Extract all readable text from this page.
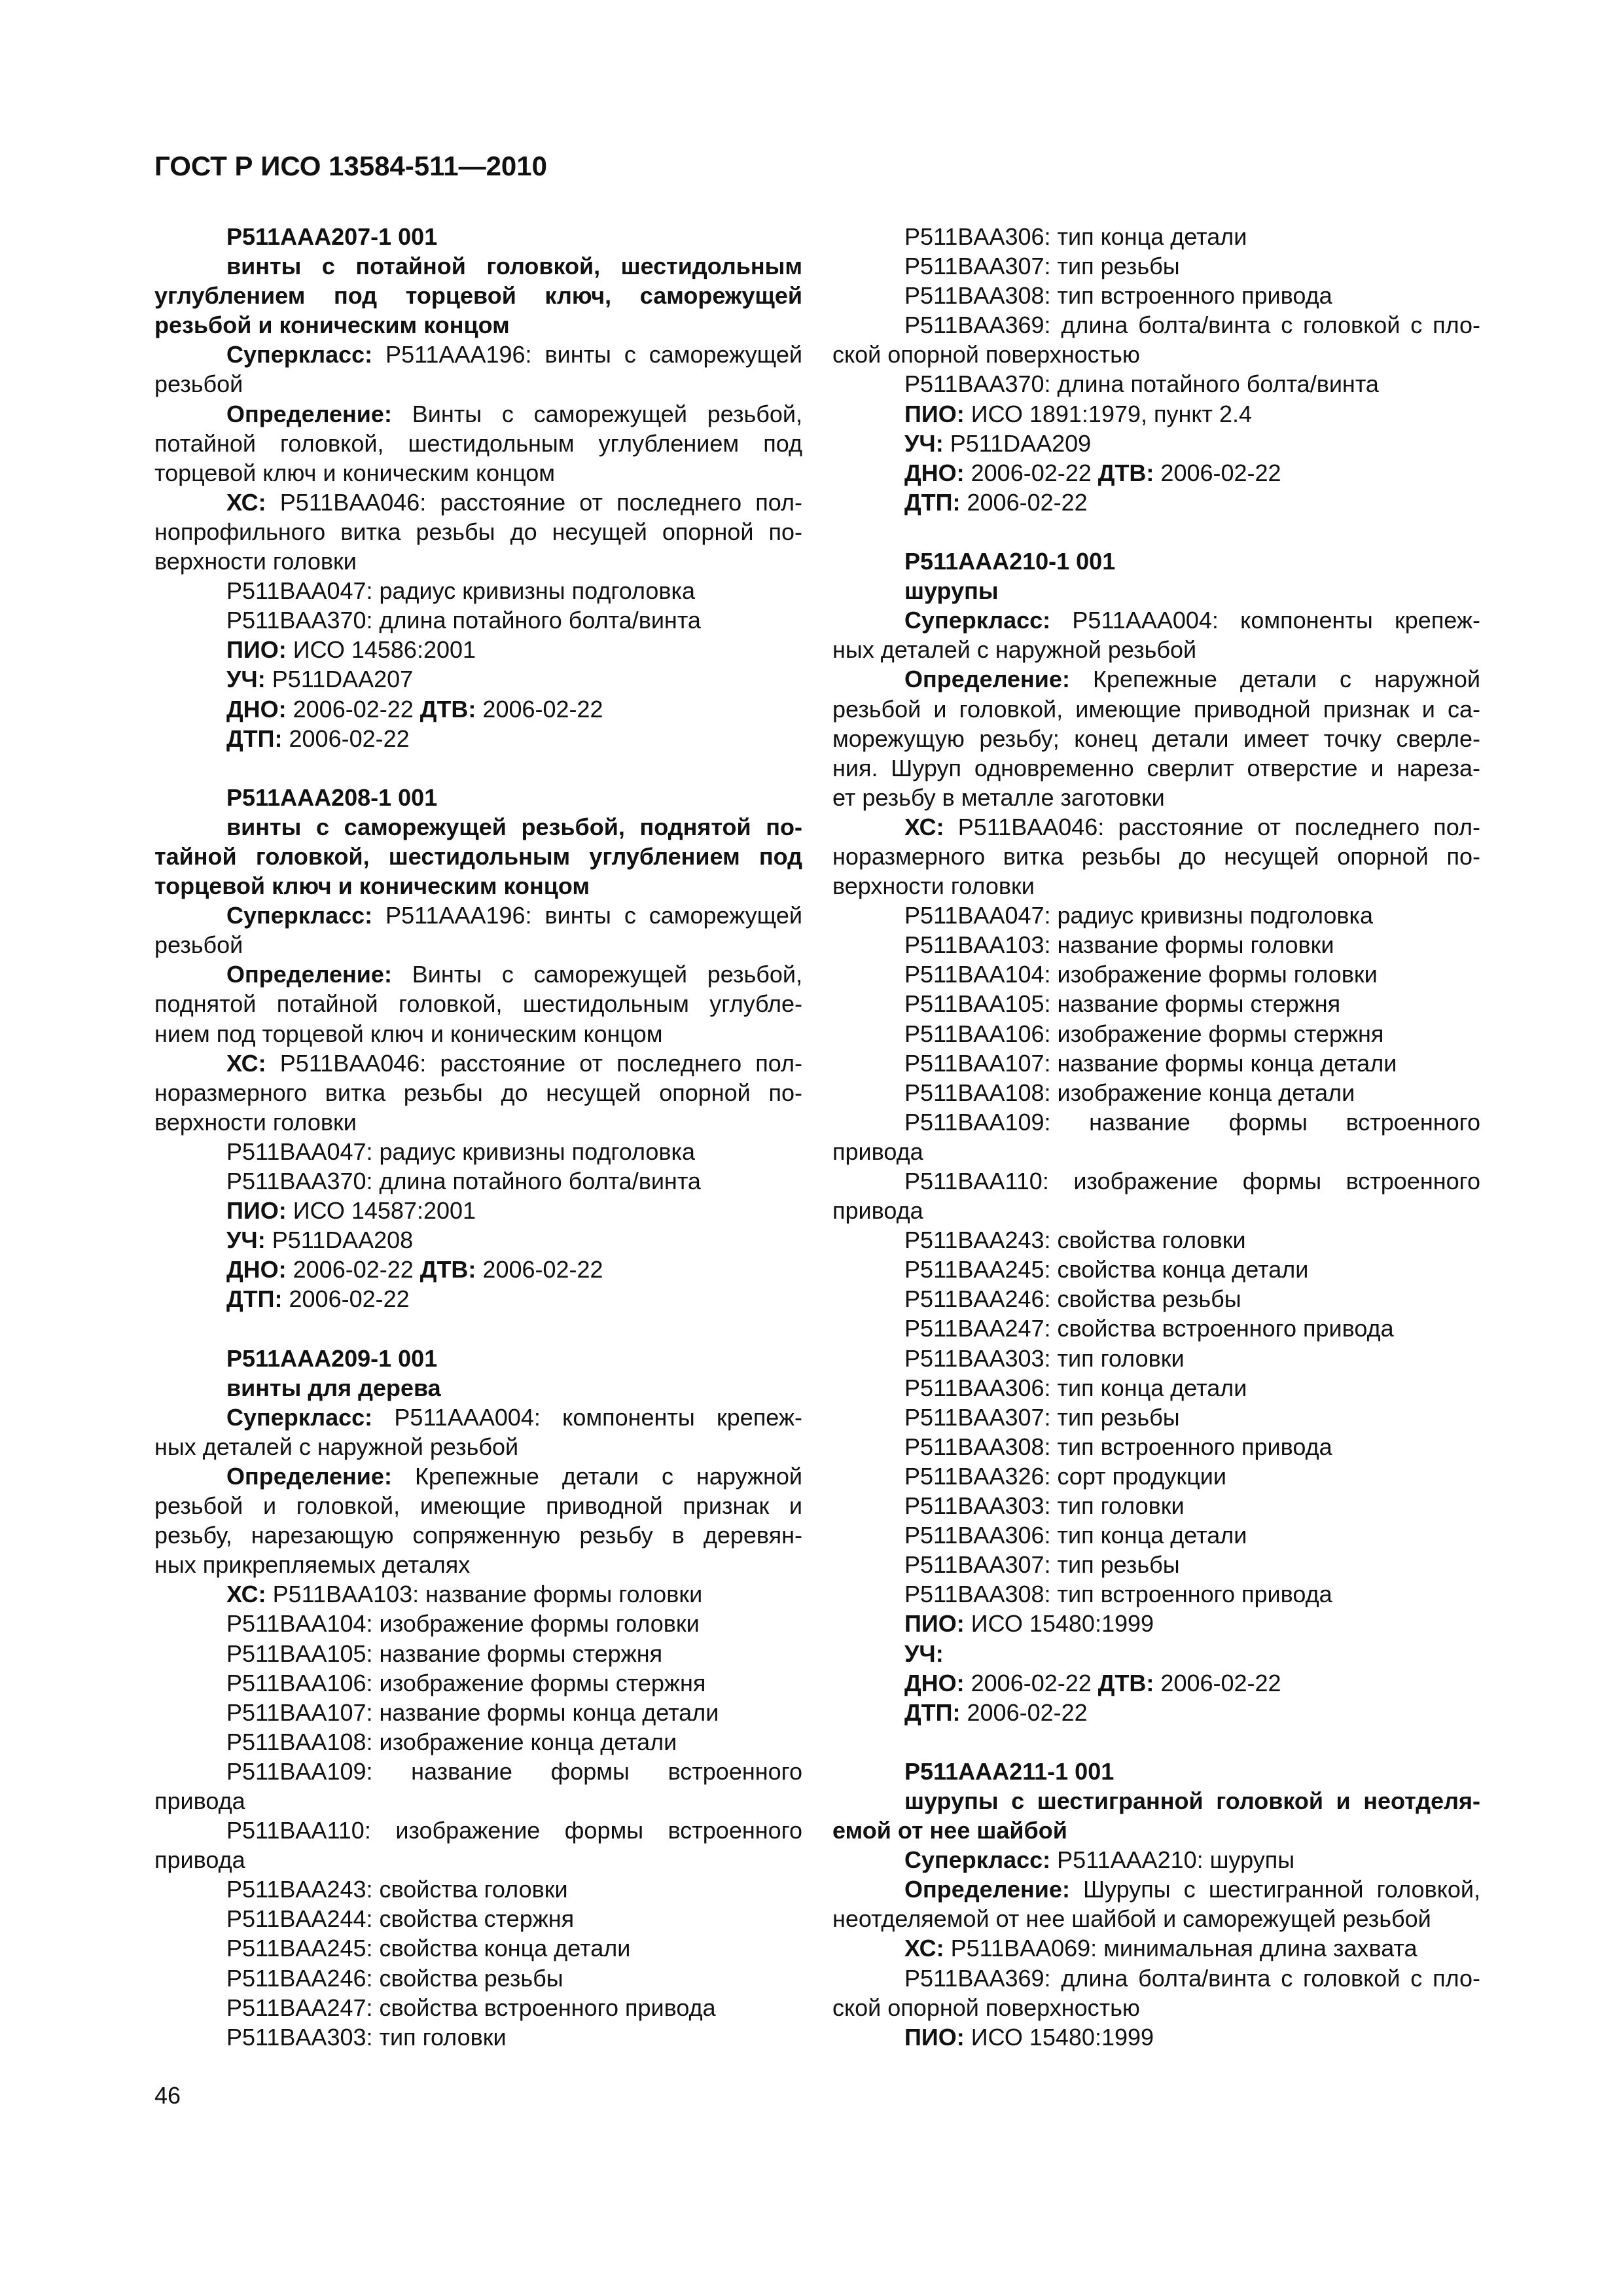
ГОСТ Р ИСО 13584-511—2010
P511AAA207-1 001
винты с потайной головкой, шестидольным
углублением под торцевой ключ, саморежущей
резьбой и коническим концом
Суперкласс: P511AAA196: винты с саморежущей
резьбой
Определение: Винты с саморежущей резьбой,
потайной головкой, шестидольным углублением под
торцевой ключ и коническим концом
ХС: P511BAA046: расстояние от последнего пол-
нопрофильного витка резьбы до несущей опорной по-
верхности головки
P511BAA047: радиус кривизны подголовка
P511BAA370: длина потайного болта/винта
ПИО: ИСО 14586:2001
УЧ: P511DAA207
ДНО: 2006-02-22 ДТВ: 2006-02-22
ДТП: 2006-02-22
P511AAA208-1 001
винты с саморежущей резьбой, поднятой по-
тайной головкой, шестидольным углублением под
торцевой ключ и коническим концом
Суперкласс: P511AAA196: винты с саморежущей
резьбой
Определение: Винты с саморежущей резьбой,
поднятой потайной головкой, шестидольным углубле-
нием под торцевой ключ и коническим концом
ХС: P511BAA046: расстояние от последнего пол-
норазмерного витка резьбы до несущей опорной по-
верхности головки
P511BAA047: радиус кривизны подголовка
P511BAA370: длина потайного болта/винта
ПИО: ИСО 14587:2001
УЧ: P511DAA208
ДНО: 2006-02-22 ДТВ: 2006-02-22
ДТП: 2006-02-22
P511AAA209-1 001
винты для дерева
Суперкласс: P511AAA004: компоненты крепеж-
ных деталей с наружной резьбой
Определение: Крепежные детали с наружной
резьбой и головкой, имеющие приводной признак и
резьбу, нарезающую сопряженную резьбу в деревян-
ных прикрепляемых деталях
ХС: P511BAA103: название формы головки
P511BAA104: изображение формы головки
P511BAA105: название формы стержня
P511BAA106: изображение формы стержня
P511BAA107: название формы конца детали
P511BAA108: изображение конца детали
P511BAA109: название формы встроенного
привода
P511BAA110: изображение формы встроенного
привода
P511BAA243: свойства головки
P511BAA244: свойства стержня
P511BAA245: свойства конца детали
P511BAA246: свойства резьбы
P511BAA247: свойства встроенного привода
P511BAA303: тип головки
P511BAA306: тип конца детали
P511BAA307: тип резьбы
P511BAA308: тип встроенного привода
P511BAA369: длина болта/винта с головкой с пло-
ской опорной поверхностью
P511BAA370: длина потайного болта/винта
ПИО: ИСО 1891:1979, пункт 2.4
УЧ: P511DAA209
ДНО: 2006-02-22 ДТВ: 2006-02-22
ДТП: 2006-02-22
P511AAA210-1 001
шурупы
Суперкласс: P511AAA004: компоненты крепеж-
ных деталей с наружной резьбой
Определение: Крепежные детали с наружной
резьбой и головкой, имеющие приводной признак и са-
морежущую резьбу; конец детали имеет точку сверле-
ния. Шуруп одновременно сверлит отверстие и нареза-
ет резьбу в металле заготовки
ХС: P511BAA046: расстояние от последнего пол-
норазмерного витка резьбы до несущей опорной по-
верхности головки
P511BAA047: радиус кривизны подголовка
P511BAA103: название формы головки
P511BAA104: изображение формы головки
P511BAA105: название формы стержня
P511BAA106: изображение формы стержня
P511BAA107: название формы конца детали
P511BAA108: изображение конца детали
P511BAA109: название формы встроенного
привода
P511BAA110: изображение формы встроенного
привода
P511BAA243: свойства головки
P511BAA245: свойства конца детали
P511BAA246: свойства резьбы
P511BAA247: свойства встроенного привода
P511BAA303: тип головки
P511BAA306: тип конца детали
P511BAA307: тип резьбы
P511BAA308: тип встроенного привода
P511BAA326: сорт продукции
P511BAA303: тип головки
P511BAA306: тип конца детали
P511BAA307: тип резьбы
P511BAA308: тип встроенного привода
ПИО: ИСО 15480:1999
УЧ:
ДНО: 2006-02-22 ДТВ: 2006-02-22
ДТП: 2006-02-22
P511AAA211-1 001
шурупы с шестигранной головкой и неотделя-
емой от нее шайбой
Суперкласс: P511AAA210: шурупы
Определение: Шурупы с шестигранной головкой,
неотделяемой от нее шайбой и саморежущей резьбой
ХС: P511BAA069: минимальная длина захвата
P511BAA369: длина болта/винта с головкой с пло-
ской опорной поверхностью
ПИО: ИСО 15480:1999
46
